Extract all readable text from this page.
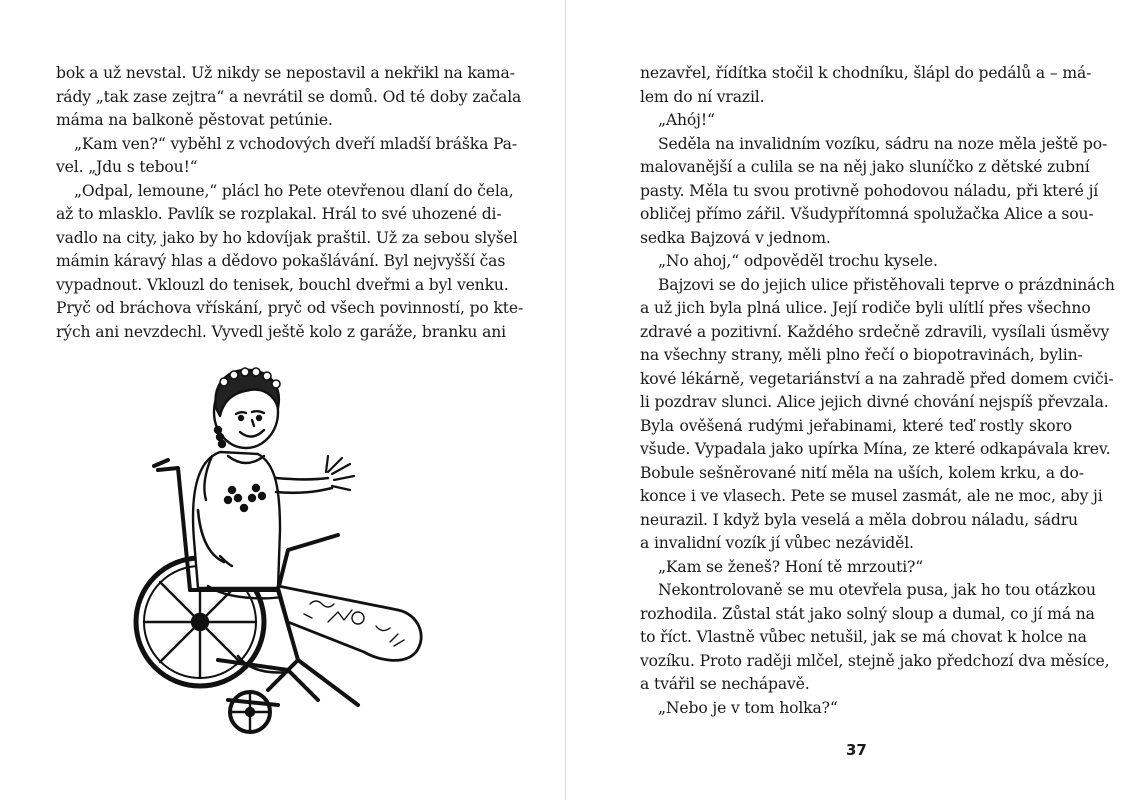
bok a už nevstal. Už nikdy se nepostavil a nekřikl na kama-
rády „tak zase zejtra“ a nevrátil se domů. Od té doby začala
máma na balkoně pěstovat petúnie.
„Kam ven?“ vyběhl z vchodových dveří mladší bráška Pa-
vel. „Jdu s tebou!“
„Odpal, lemoune,“ plácl ho Pete otevřenou dlaní do čela,
až to mlasklo. Pavlík se rozplakal. Hrál to své uhozené di-
vadlo na city, jako by ho kdovíjak praštil. Už za sebou slyšel
mámin káravý hlas a dědovo pokašlávání. Byl nejvyšší čas
vypadnout. Vklouzl do tenisek, bouchl dveřmi a byl venku.
Pryč od bráchova vřískání, pryč od všech povinností, po kte-
rých ani nevzdechl. Vyvedl ještě kolo z garáže, branku ani
nezavřel, řídítka stočil k chodníku, šlápl do pedálů a – má-
lem do ní vrazil.
„Ahój!“
Seděla na invalidním vozíku, sádru na noze měla ještě po-
malovanější a culila se na něj jako sluníčko z dětské zubní
pasty. Měla tu svou protivně pohodovou náladu, při které jí
obličej přímo zářil. Všudypřítomná spolužačka Alice a sou-
sedka Bajzová v jednom.
„No ahoj,“ odpověděl trochu kysele.
Bajzovi se do jejich ulice přistěhovali teprve o prázdninách
a už jich byla plná ulice. Její rodiče byli ulítlí přes všechno
zdravé a pozitivní. Každého srdečně zdravili, vysílali úsměvy
na všechny strany, měli plno řečí o biopotravinách, bylin-
kové lékárně, vegetariánství a na zahradě před domem cviči-
li pozdrav slunci. Alice jejich divné chování nejspíš převzala.
Byla ověšená rudými jeřabinami, které teď rostly skoro
všude. Vypadala jako upírka Mína, ze které odkapávala krev.
Bobule sešněrované nití měla na uších, kolem krku, a do-
konce i ve vlasech. Pete se musel zasmát, ale ne moc, aby ji
neurazil. I když byla veselá a měla dobrou náladu, sádru
a invalidní vozík jí vůbec nezáviděl.
„Kam se ženeš? Honí tě mrzouti?“
Nekontrolovaně se mu otevřela pusa, jak ho tou otázkou
rozhodila. Zůstal stát jako solný sloup a dumal, co jí má na
to říct. Vlastně vůbec netušil, jak se má chovat k holce na
vozíku. Proto raději mlčel, stejně jako předchozí dva měsíce,
a tvářil se nechápavě.
„Nebo je v tom holka?“
37
